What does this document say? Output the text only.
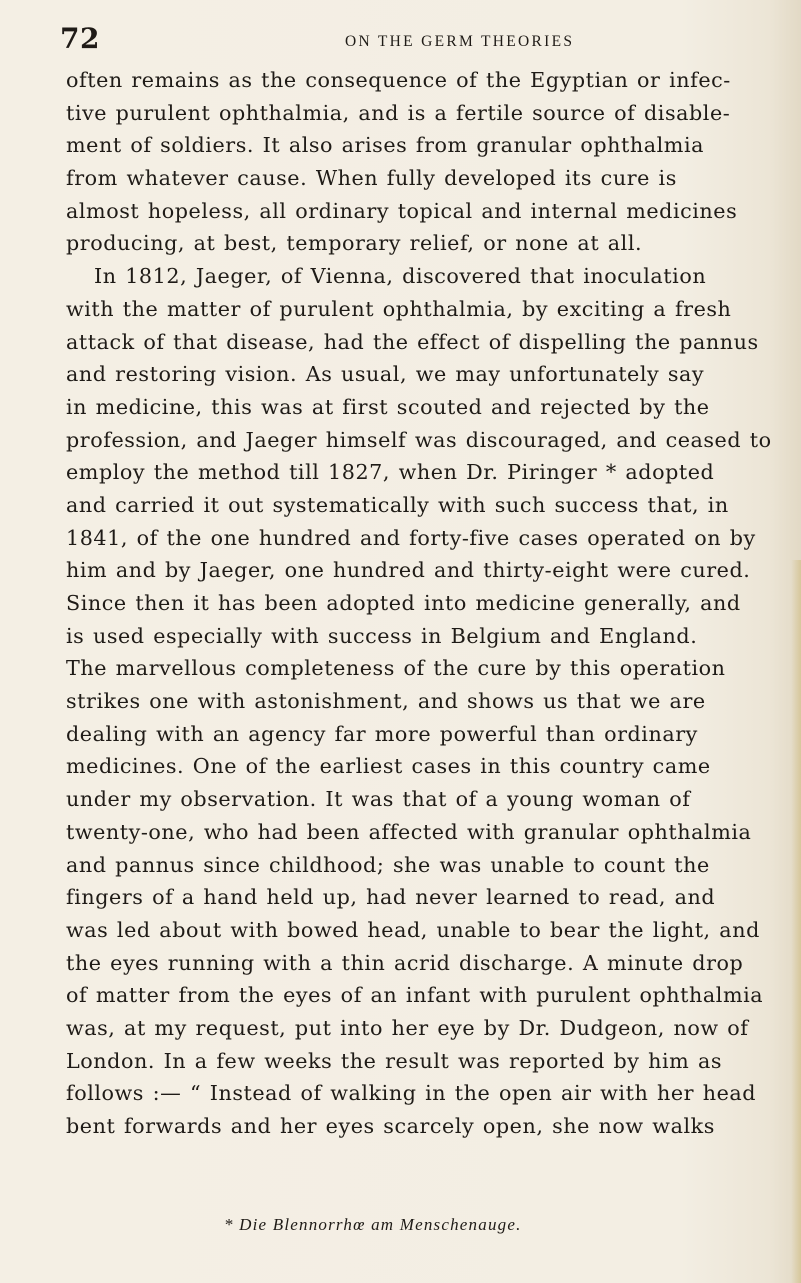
72	ON THE GERM THEORIES
often remains as the consequence of the Egyptian or infec-
tive purulent ophthalmia, and is a fertile source of disable-
ment of soldiers. It also arises from granular ophthalmia
from whatever cause. When fully developed its cure is
almost hopeless, all ordinary topical and internal medicines
producing, at best, temporary relief, or none at all.
In 1812, Jaeger, of Vienna, discovered that inoculation
with the matter of purulent ophthalmia, by exciting a fresh
attack of that disease, had the effect of dispelling the pannus
and restoring vision. As usual, we may unfortunately say
in medicine, this was at first scouted and rejected by the
profession, and Jaeger himself was discouraged, and ceased to
employ the method till 1827, when Dr. Piringer * adopted
and carried it out systematically with such success that, in
1841, of the one hundred and forty-five cases operated on by
him and by Jaeger, one hundred and thirty-eight were cured.
Since then it has been adopted into medicine generally, and
is used especially with success in Belgium and England.
The marvellous completeness of the cure by this operation
strikes one with astonishment, and shows us that we are
dealing with an agency far more powerful than ordinary
medicines. One of the earliest cases in this country came
under my observation. It was that of a young woman of
twenty-one, who had been affected with granular ophthalmia
and pannus since childhood; she was unable to count the
fingers of a hand held up, had never learned to read, and
was led about with bowed head, unable to bear the light, and
the eyes running with a thin acrid discharge. A minute drop
of matter from the eyes of an infant with purulent ophthalmia
was, at my request, put into her eye by Dr. Dudgeon, now of
London. In a few weeks the result was reported by him as
follows :— “ Instead of walking in the open air with her head
bent forwards and her eyes scarcely open, she now walks
* Die Blennorrhœ am Menschenauge.
